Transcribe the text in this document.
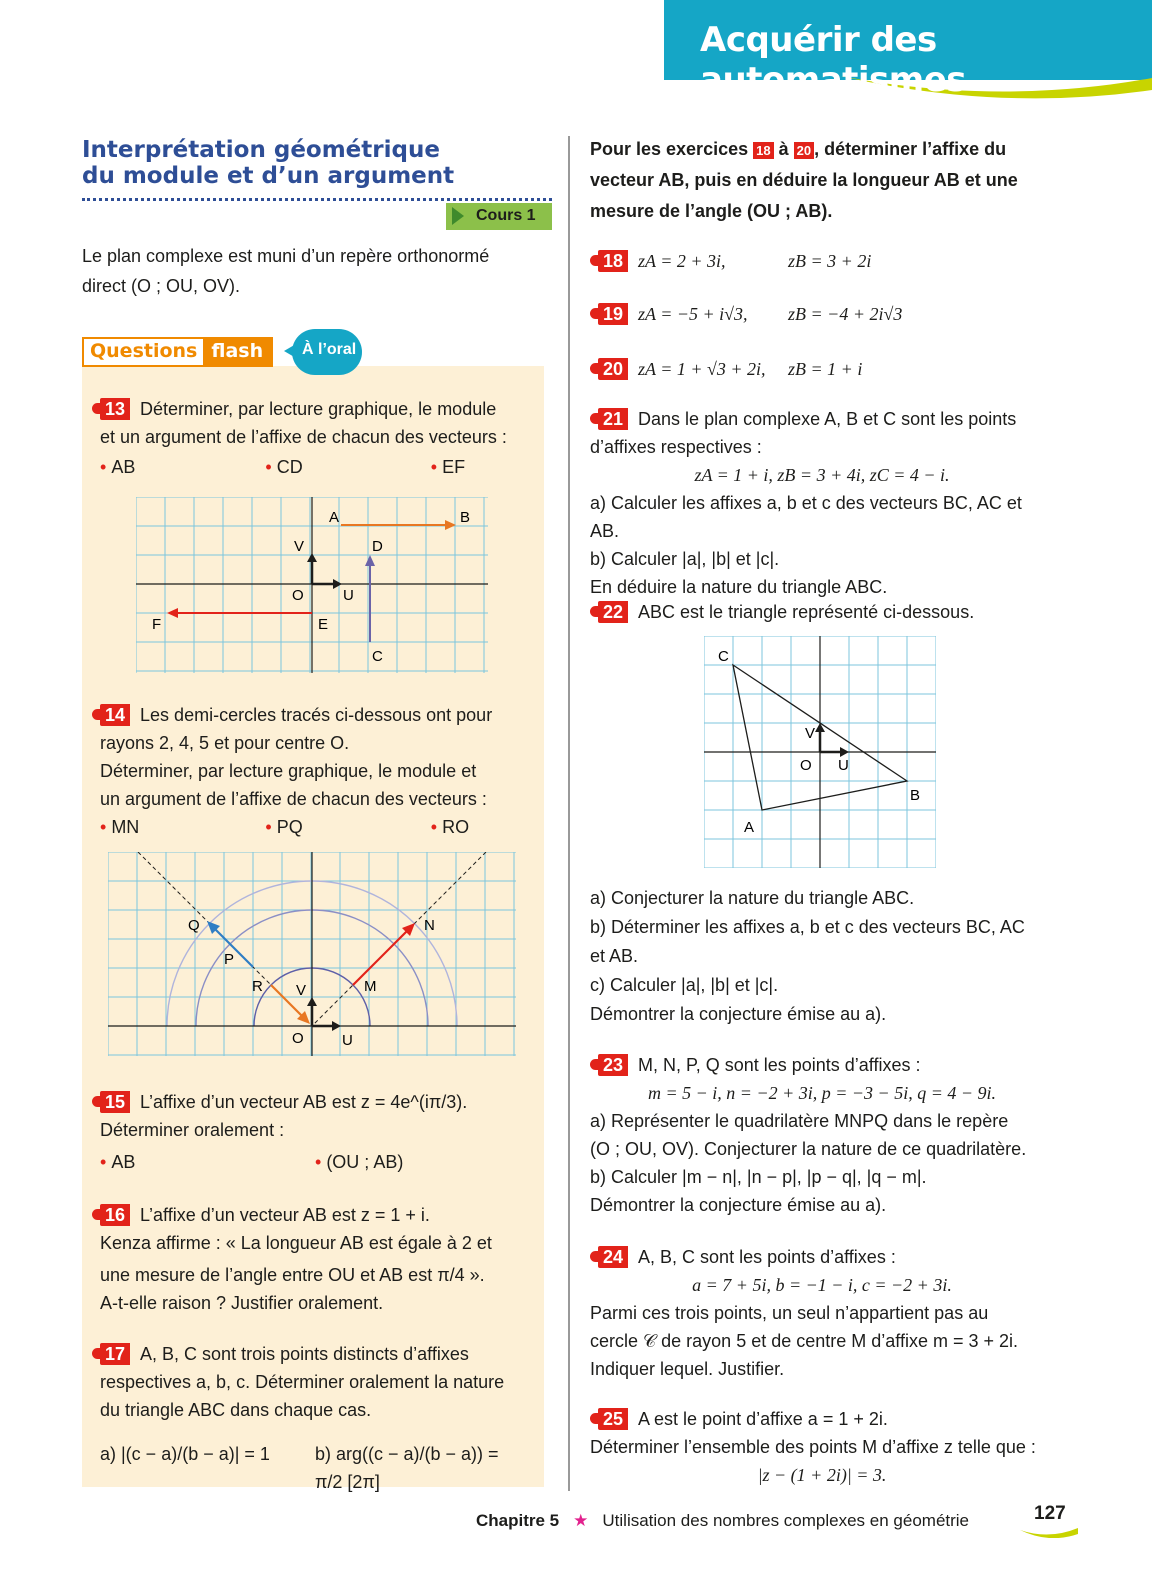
Acquérir des automatismes
Interprétation géométrique
du module et d’un argument
Cours 1
Le plan complexe est muni d’un repère orthonormé
direct (O ; OU, OV).
Questions flash	À l’oral

13 Déterminer, par lecture graphique, le module

et un argument de l’affixe de chacun des vecteurs :

• AB	• CD	• EF
A	B
V	D
O	U
F	E
C

14 Les demi-cercles tracés ci-dessous ont pour

rayons 2, 4, 5 et pour centre O.

Déterminer, par lecture graphique, le module et

un argument de l’affixe de chacun des vecteurs :

• MN	• PQ	• RO
Q	N
P
R V	M
O	U

15 L’affixe d’un vecteur AB est z = 4e^(iπ/3).

Déterminer oralement :

• AB	• (OU ; AB)

16 L’affixe d’un vecteur AB est z = 1 + i.

Kenza affirme : « La longueur AB est égale à 2 et

une mesure de l’angle entre OU et AB est π/4 ».

A-t-elle raison ? Justifier oralement.

17 A, B, C sont trois points distincts d’affixes

respectives a, b, c. Déterminer oralement la nature

du triangle ABC dans chaque cas.

a) |(c − a)/(b − a)| = 1	b) arg((c − a)/(b − a)) = π/2 [2π]

Pour les exercices 18 à 20 , déterminer l’affixe du

vecteur AB, puis en déduire la longueur AB et une

mesure de l’angle (OU ; AB).

18 zA = 2 + 3i,	zB = 3 + 2i

19 zA = −5 + i√3, zB = −4 + 2i√3

20 zA = 1 + √3 + 2i, zB = 1 + i

21 Dans le plan complexe A, B et C sont les points

d’affixes respectives :

zA = 1 + i, zB = 3 + 4i, zC = 4 − i.

a) Calculer les affixes a, b et c des vecteurs BC, AC et AB.

b) Calculer |a|, |b| et |c|.

En déduire la nature du triangle ABC.

22 ABC est le triangle représenté ci-dessous.

C
V
O U
B
A

a) Conjecturer la nature du triangle ABC.

b) Déterminer les affixes a, b et c des vecteurs BC, AC

et AB.

c) Calculer |a|, |b| et |c|.

Démontrer la conjecture émise au a).

23 M, N, P, Q sont les points d’affixes :

m = 5 − i, n = −2 + 3i, p = −3 − 5i, q = 4 − 9i.

a) Représenter le quadrilatère MNPQ dans le repère

(O ; OU, OV). Conjecturer la nature de ce quadrilatère.

b) Calculer |m − n|, |n − p|, |p − q|, |q − m|.

Démontrer la conjecture émise au a).

24 A, B, C sont les points d’affixes :

a = 7 + 5i, b = −1 − i, c = −2 + 3i.

Parmi ces trois points, un seul n’appartient pas au

cercle 𝒞 de rayon 5 et de centre M d’affixe m = 3 + 2i.

Indiquer lequel. Justifier.

25 A est le point d’affixe a = 1 + 2i.

Déterminer l’ensemble des points M d’affixe z telle que :

|z − (1 + 2i)| = 3.

Chapitre 5 ★ Utilisation des nombres complexes en géométrie	127
